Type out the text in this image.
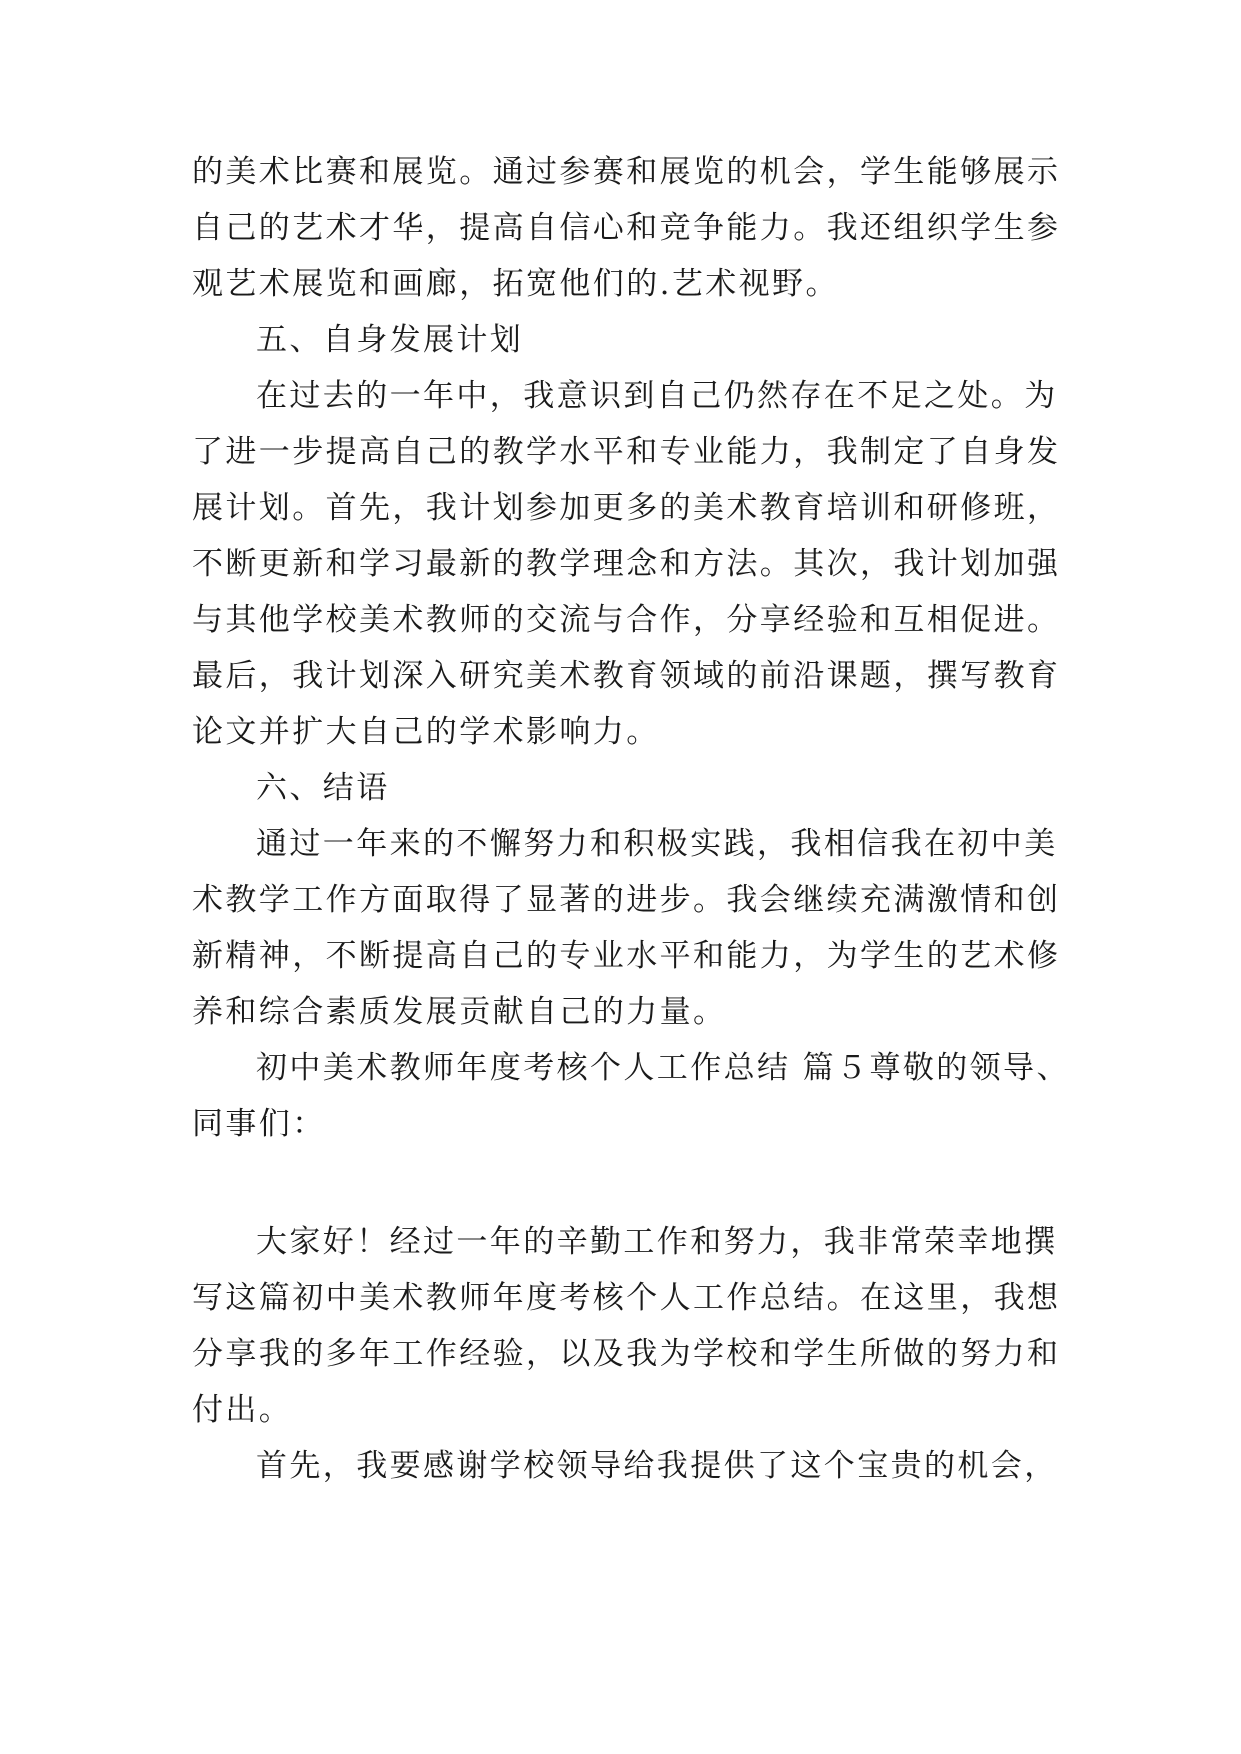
的美术比赛和展览。通过参赛和展览的机会，学生能够展示
自己的艺术才华，提高自信心和竞争能力。我还组织学生参
观艺术展览和画廊，拓宽他们的.艺术视野。
五、自身发展计划
在过去的一年中，我意识到自己仍然存在不足之处。为
了进一步提高自己的教学水平和专业能力，我制定了自身发
展计划。首先，我计划参加更多的美术教育培训和研修班，
不断更新和学习最新的教学理念和方法。其次，我计划加强
与其他学校美术教师的交流与合作，分享经验和互相促进。
最后，我计划深入研究美术教育领域的前沿课题，撰写教育
论文并扩大自己的学术影响力。
六、结语
通过一年来的不懈努力和积极实践，我相信我在初中美
术教学工作方面取得了显著的进步。我会继续充满激情和创
新精神，不断提高自己的专业水平和能力，为学生的艺术修
养和综合素质发展贡献自己的力量。
初中美术教师年度考核个人工作总结 篇５尊敬的领导、
同事们：
大家好！经过一年的辛勤工作和努力，我非常荣幸地撰
写这篇初中美术教师年度考核个人工作总结。在这里，我想
分享我的多年工作经验，以及我为学校和学生所做的努力和
付出。
首先，我要感谢学校领导给我提供了这个宝贵的机会，
